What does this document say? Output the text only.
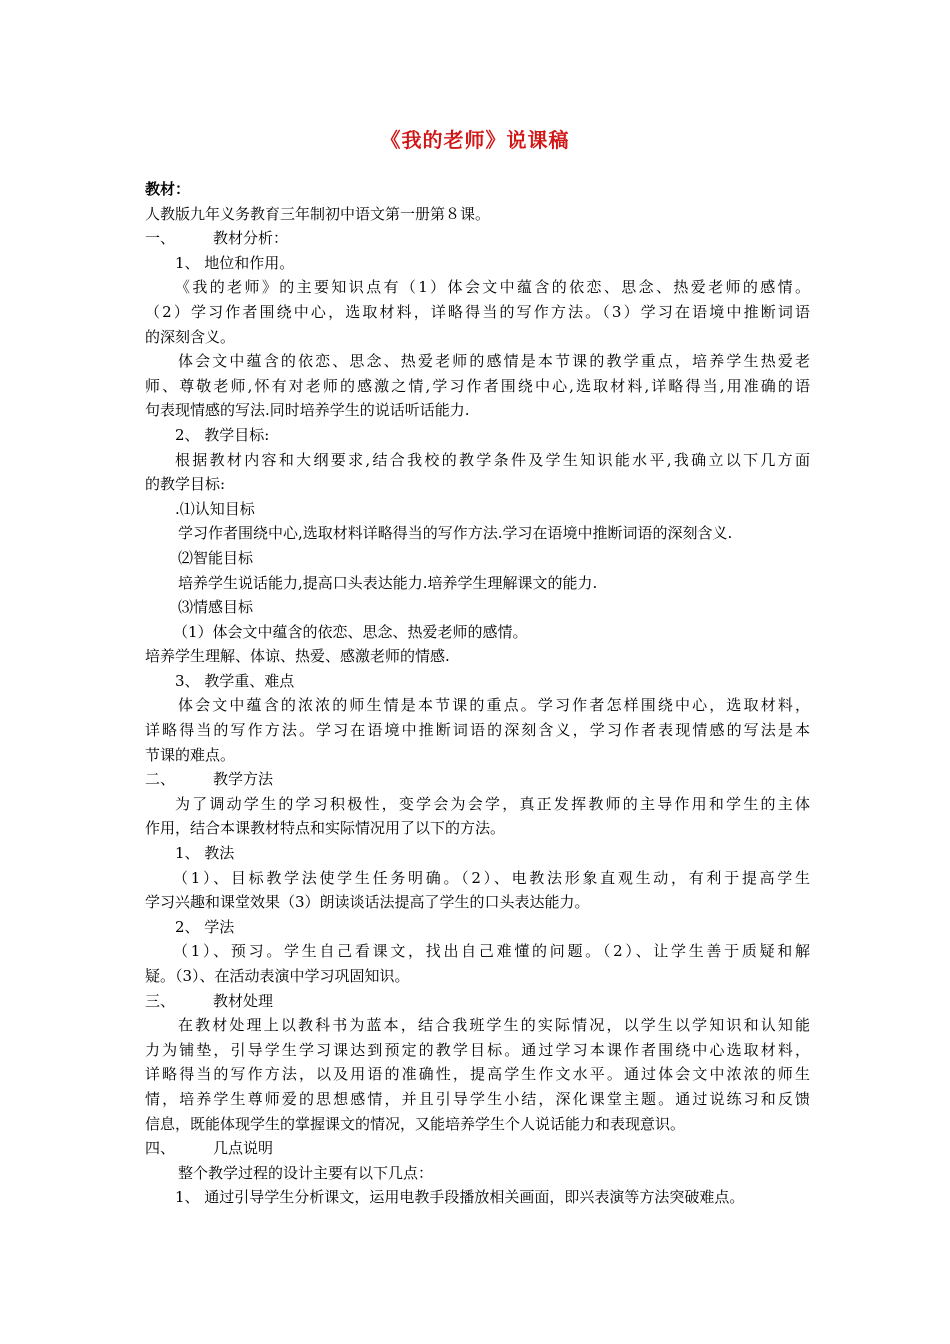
《我的老师》说课稿
教材：
人教版九年义务教育三年制初中语文第一册第８课。
一、	教材分析：
1、 地位和作用。
《我的老师》的主要知识点有（1）体会文中蕴含的依恋、思念、热爱老师的感情。
（2）学习作者围绕中心，选取材料，详略得当的写作方法。（3）学习在语境中推断词语
的深刻含义。
体会文中蕴含的依恋、思念、热爱老师的感情是本节课的教学重点，培养学生热爱老
师、尊敬老师,怀有对老师的感激之情,学习作者围绕中心,选取材料,详略得当,用准确的语
句表现情感的写法.同时培养学生的说话听话能力.
2、 教学目标:
根据教材内容和大纲要求,结合我校的教学条件及学生知识能水平,我确立以下几方面
的教学目标:
.⑴认知目标
学习作者围绕中心,选取材料详略得当的写作方法.学习在语境中推断词语的深刻含义.
⑵智能目标
培养学生说话能力,提高口头表达能力.培养学生理解课文的能力.
⑶情感目标
（1）体会文中蕴含的依恋、思念、热爱老师的感情。
培养学生理解、体谅、热爱、感激老师的情感.
3、 教学重、难点
体会文中蕴含的浓浓的师生情是本节课的重点。学习作者怎样围绕中心，选取材料，
详略得当的写作方法。学习在语境中推断词语的深刻含义，学习作者表现情感的写法是本
节课的难点。
二、	教学方法
为了调动学生的学习积极性，变学会为会学，真正发挥教师的主导作用和学生的主体
作用，结合本课教材特点和实际情况用了以下的方法。
1、 教法
（1）、目标教学法使学生任务明确。（2）、电教法形象直观生动，有利于提高学生
学习兴趣和课堂效果（3）朗读谈话法提高了学生的口头表达能力。
2、 学法
（1）、预习。学生自己看课文，找出自己难懂的问题。（2）、让学生善于质疑和解
疑。（3）、在活动表演中学习巩固知识。
三、	教材处理
在教材处理上以教科书为蓝本，结合我班学生的实际情况，以学生以学知识和认知能
力为铺垫，引导学生学习课达到预定的教学目标。通过学习本课作者围绕中心选取材料，
详略得当的写作方法，以及用语的准确性，提高学生作文水平。通过体会文中浓浓的师生
情，培养学生尊师爱的思想感情，并且引导学生小结，深化课堂主题。通过说练习和反馈
信息，既能体现学生的掌握课文的情况，又能培养学生个人说话能力和表现意识。
四、	几点说明
整个教学过程的设计主要有以下几点：
1、 通过引导学生分析课文，运用电教手段播放相关画面，即兴表演等方法突破难点。
